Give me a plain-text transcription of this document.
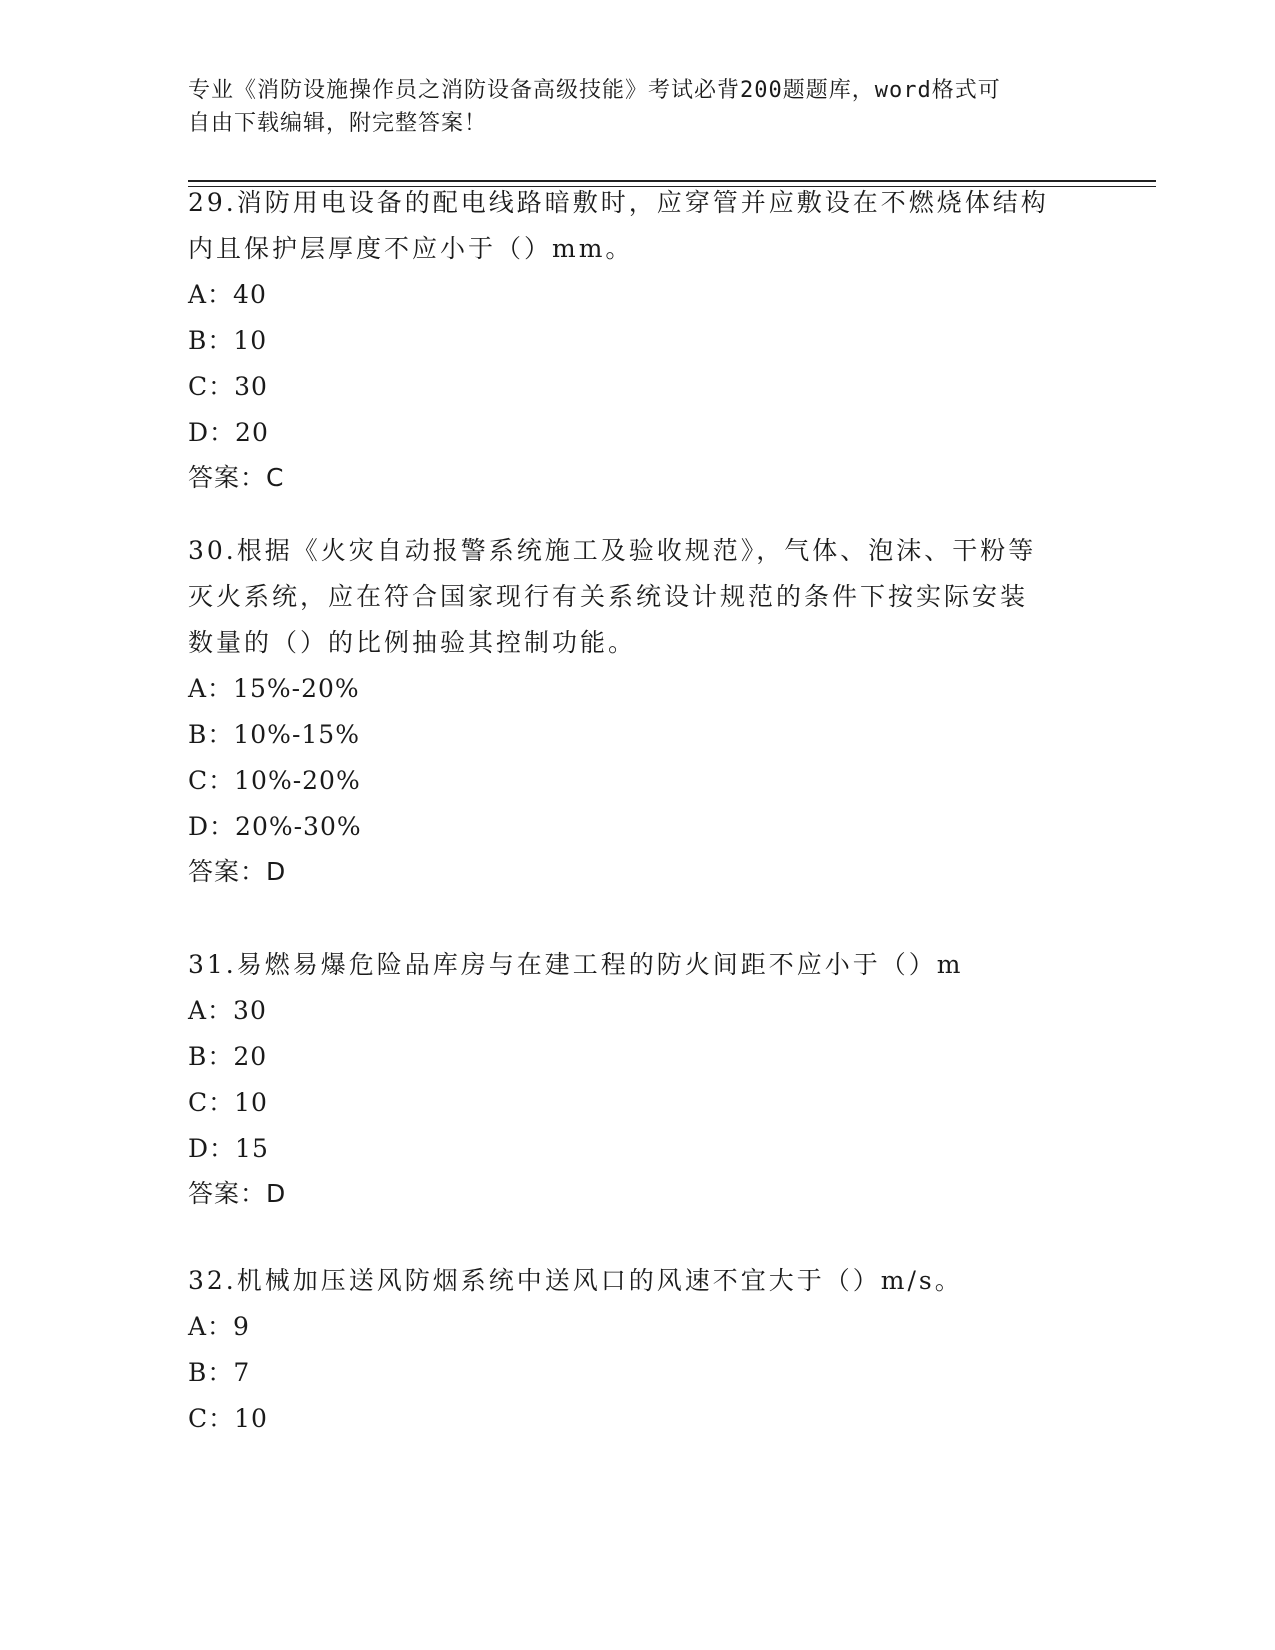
专业《消防设施操作员之消防设备高级技能》考试必背200题题库，word格式可
自由下载编辑，附完整答案！
29.消防用电设备的配电线路暗敷时，应穿管并应敷设在不燃烧体结构
内且保护层厚度不应小于（）mm。
A：40
B：10
C：30
D：20
答案：C
30.根据《火灾自动报警系统施工及验收规范》，气体、泡沫、干粉等
灭火系统，应在符合国家现行有关系统设计规范的条件下按实际安装
数量的（）的比例抽验其控制功能。
A：15%-20%
B：10%-15%
C：10%-20%
D：20%-30%
答案：D
31.易燃易爆危险品库房与在建工程的防火间距不应小于（）m
A：30
B：20
C：10
D：15
答案：D
32.机械加压送风防烟系统中送风口的风速不宜大于（）m/s。
A：9
B：7
C：10
